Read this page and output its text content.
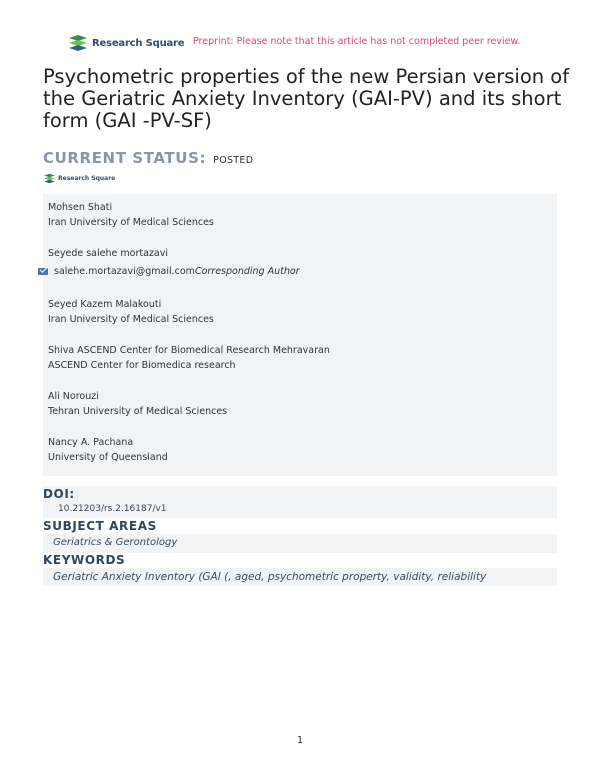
Research Square Preprint: Please note that this article has not completed peer review.
Psychometric properties of the new Persian version of the Geriatric Anxiety Inventory (GAI-PV) and its short form (GAI -PV-SF)
CURRENT STATUS: POSTED
Research Square
Mohsen Shati
Iran University of Medical Sciences
Seyede salehe mortazavi
salehe.mortazavi@gmail.com Corresponding Author
Seyed Kazem Malakouti
Iran University of Medical Sciences
Shiva ASCEND Center for Biomedical Research Mehravaran
ASCEND Center for Biomedica research
Ali Norouzi
Tehran University of Medical Sciences
Nancy A. Pachana
University of Queensland
DOI:
10.21203/rs.2.16187/v1
SUBJECT AREAS
Geriatrics & Gerontology
KEYWORDS
Geriatric Anxiety Inventory (GAI (, aged, psychometric property, validity, reliability
1
